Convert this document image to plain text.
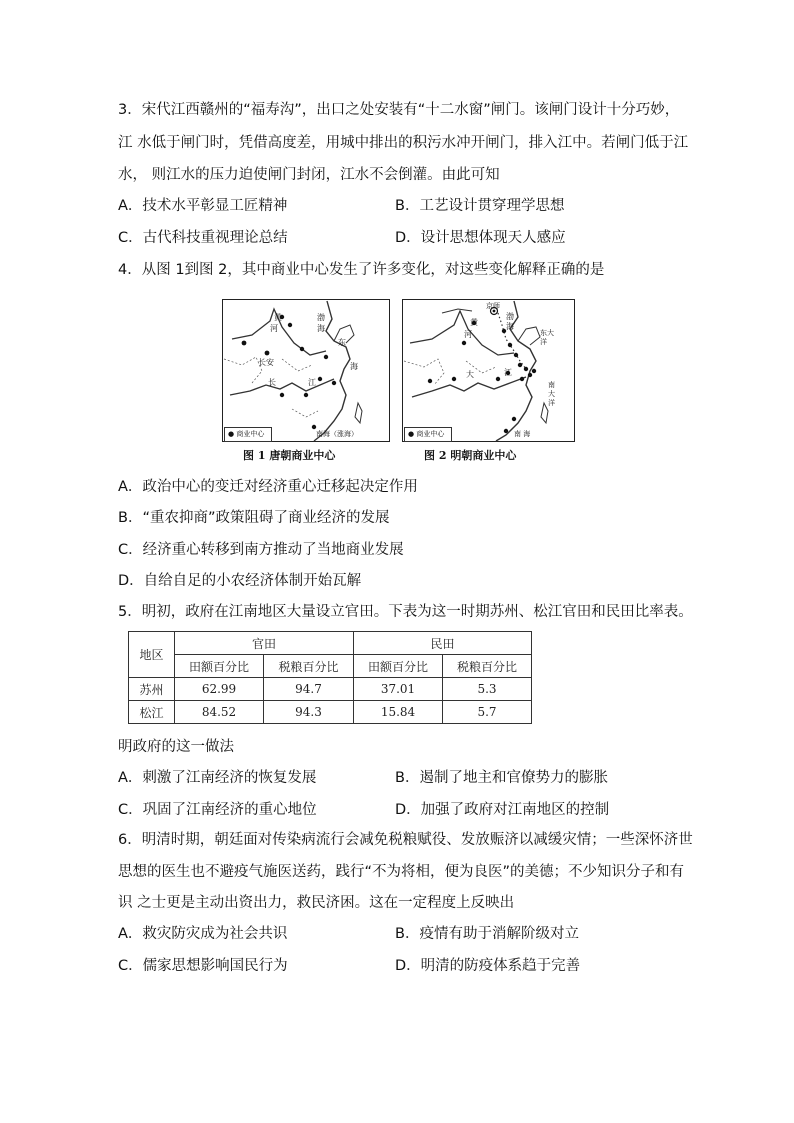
3．宋代江西赣州的“福寿沟”，出口之处安装有“十二水窗”闸门。该闸门设计十分巧妙，
江 水低于闸门时，凭借高度差，用城中排出的积污水冲开闸门，排入江中。若闸门低于江
水， 则江水的压力迫使闸门封闭，江水不会倒灌。由此可知
A．技术水平彰显工匠精神	B．工艺设计贯穿理学思想
C．古代科技重视理论总结	D．设计思想体现天人感应
4．从图 1到图 2，其中商业中心发生了许多变化，对这些变化解释正确的是
黄
河
渤
海
长安
东
海
长	江
南海（涨海）
● 商业中心
图 1 唐朝商业中心
京师
黄
河
渤
海
东大洋
大	江
南大洋
南 海
● 商业中心
图 2 明朝商业中心
A．政治中心的变迁对经济重心迁移起决定作用
B．“重农抑商”政策阻碍了商业经济的发展
C．经济重心转移到南方推动了当地商业发展
D．自给自足的小农经济体制开始瓦解
5．明初，政府在江南地区大量设立官田。下表为这一时期苏州、松江官田和民田比率表。
地区	官田		民田	
	田额百分比	税粮百分比	田额百分比	税粮百分比
苏州	62.99	94.7	37.01	5.3
松江	84.52	94.3	15.84	5.7
明政府的这一做法
A．刺激了江南经济的恢复发展	B．遏制了地主和官僚势力的膨胀
C．巩固了江南经济的重心地位	D．加强了政府对江南地区的控制
6．明清时期，朝廷面对传染病流行会减免税粮赋役、发放赈济以减缓灾情；一些深怀济世
思想的医生也不避疫气施医送药，践行“不为将相，便为良医”的美德；不少知识分子和有
识 之士更是主动出资出力，救民济困。这在一定程度上反映出
A．救灾防灾成为社会共识	B．疫情有助于消解阶级对立
C．儒家思想影响国民行为	D．明清的防疫体系趋于完善
